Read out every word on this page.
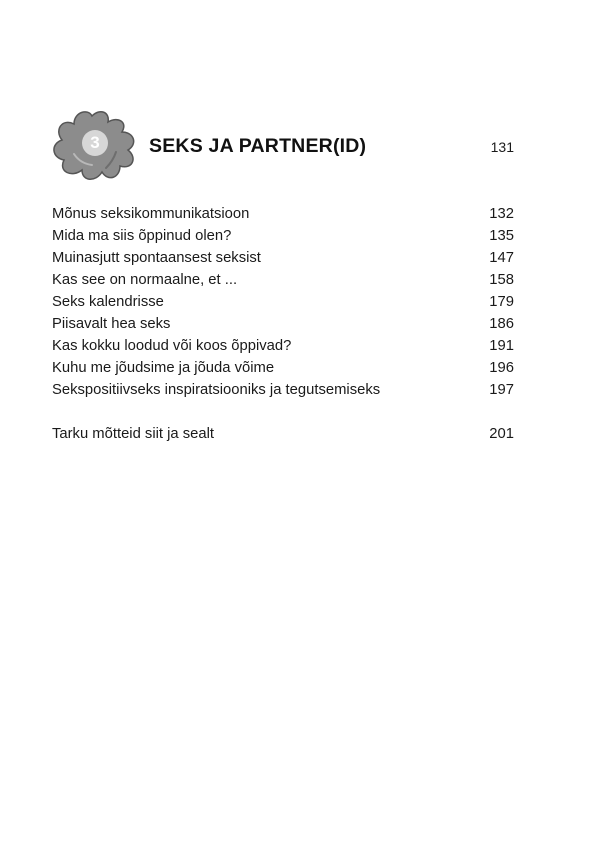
3	SEKS JA PARTNER(ID)	131
Mõnus seksikommunikatsioon	132
Mida ma siis õppinud olen?	135
Muinasjutt spontaansest seksist	147
Kas see on normaalne, et ...	158
Seks kalendrisse	179
Piisavalt hea seks	186
Kas kokku loodud või koos õppivad?	191
Kuhu me jõudsime ja jõuda võime	196
Sekspositiivseks inspiratsiooniks ja tegutsemiseks	197
Tarku mõtteid siit ja sealt	201
